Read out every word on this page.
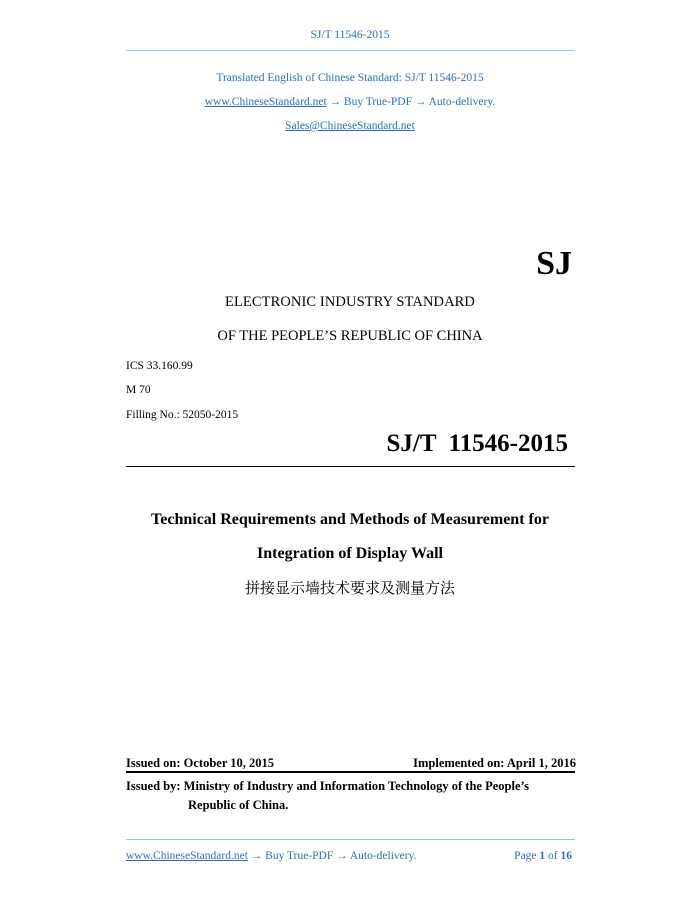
SJ/T 11546-2015
Translated English of Chinese Standard: SJ/T 11546-2015
www.ChineseStandard.net → Buy True-PDF → Auto-delivery.
Sales@ChineseStandard.net
SJ
ELECTRONIC INDUSTRY STANDARD
OF THE PEOPLE’S REPUBLIC OF CHINA
ICS 33.160.99
M 70
Filling No.: 52050-2015
SJ/T  11546-2015
Technical Requirements and Methods of Measurement for
Integration of Display Wall
拼接显示墙技术要求及测量方法
Issued on: October 10, 2015	Implemented on: April 1, 2016
Issued by: Ministry of Industry and Information Technology of the People’s
Republic of China.
www.ChineseStandard.net → Buy True-PDF → Auto-delivery.	Page 1 of 16
